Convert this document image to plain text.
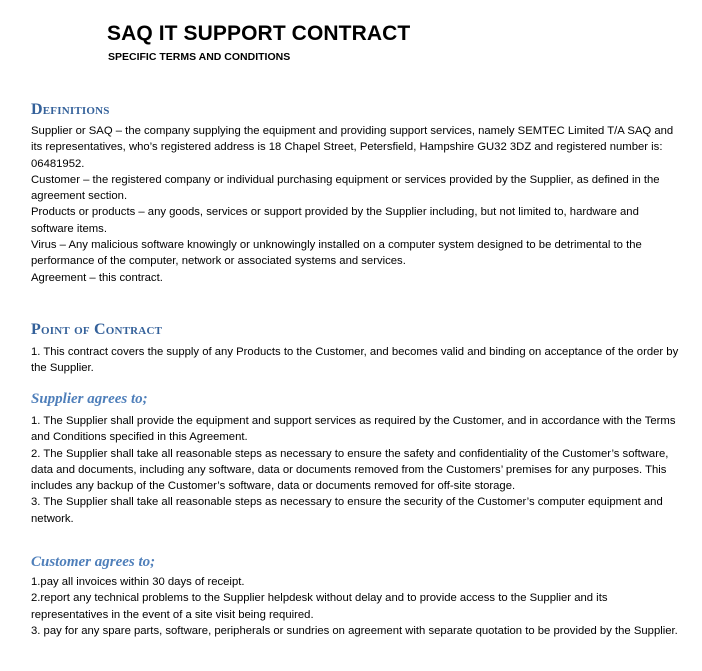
SAQ IT SUPPORT CONTRACT
SPECIFIC TERMS AND CONDITIONS
Definitions

Supplier or SAQ – the company supplying the equipment and providing support services, namely SEMTEC Limited T/A SAQ and its representatives, who’s registered address is 18 Chapel Street, Petersfield, Hampshire GU32 3DZ and registered number is: 06481952.

Customer – the registered company or individual purchasing equipment or services provided by the Supplier, as defined in the agreement section.

Products or products – any goods, services or support provided by the Supplier including, but not limited to, hardware and software items.

Virus – Any malicious software knowingly or unknowingly installed on a computer system designed to be detrimental to the performance of the computer, network or associated systems and services.

Agreement – this contract.

Point of Contract

1. This contract covers the supply of any Products to the Customer, and becomes valid and binding on acceptance of the order by the Supplier.

Supplier agrees to;

1. The Supplier shall provide the equipment and support services as required by the Customer, and in accordance with the Terms and Conditions specified in this Agreement.

2. The Supplier shall take all reasonable steps as necessary to ensure the safety and confidentiality of the Customer’s software, data and documents, including any software, data or documents removed from the Customers’ premises for any purposes. This includes any backup of the Customer’s software, data or documents removed for off-site storage.

3. The Supplier shall take all reasonable steps as necessary to ensure the security of the Customer’s computer equipment and network.

Customer agrees to;

1.pay all invoices within 30 days of receipt.

2.report any technical problems to the Supplier helpdesk without delay and to provide access to the Supplier and its representatives in the event of a site visit being required.

3. pay for any spare parts, software, peripherals or sundries on agreement with separate quotation to be provided by the Supplier.
